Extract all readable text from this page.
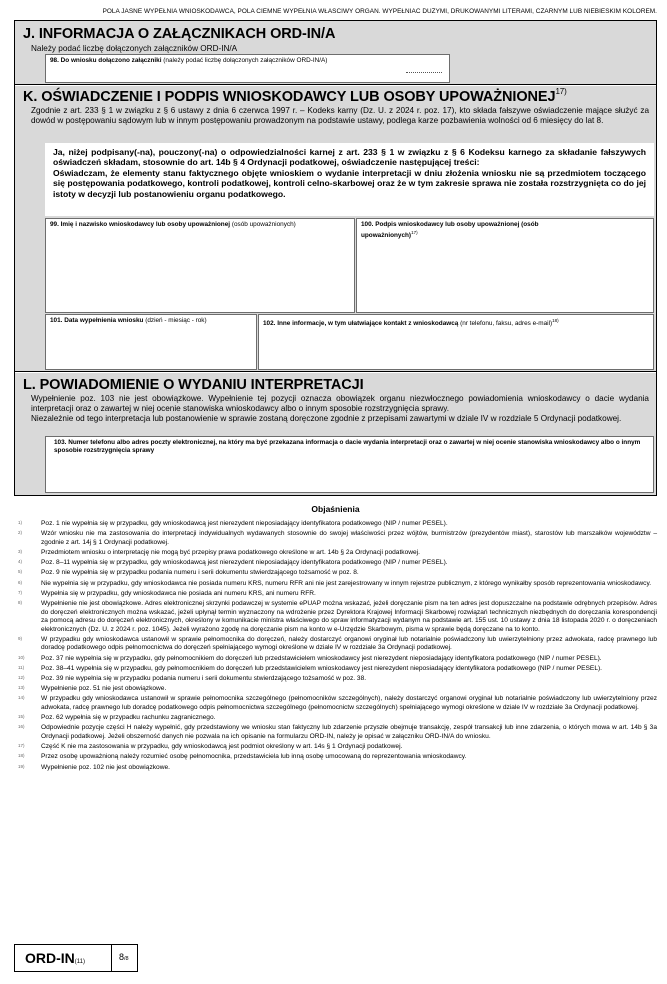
POLA JASNE WYPEŁNIA WNIOSKODAWCA, POLA CIEMNE WYPEŁNIA WŁAŚCIWY ORGAN. WYPEŁNIAĆ DUŻYMI, DRUKOWANYMI LITERAMI, CZARNYM LUB NIEBIESKIM KOLOREM.
J. INFORMACJA O ZAŁĄCZNIKACH ORD-IN/A
Należy podać liczbę dołączonych załączników ORD-IN/A
98. Do wniosku dołączono załączniki (należy podać liczbę dołączonych załączników ORD-IN/A)
K. OŚWIADCZENIE I PODPIS WNIOSKODAWCY LUB OSOBY UPOWAŻNIONEJ$^{17)}$
Zgodnie z art. 233 § 1 w związku z § 6 ustawy z dnia 6 czerwca 1997 r. – Kodeks karny (Dz. U. z 2024 r. poz. 17), kto składa fałszywe oświadczenie mające służyć za dowód w postępowaniu sądowym lub w innym postępowaniu prowadzonym na podstawie ustawy, podlega karze pozbawienia wolności od 6 miesięcy do lat 8.

Ja, niżej podpisany(-na), pouczony(-na) o odpowiedzialności karnej z art. 233 § 1 w związku z § 6 Kodeksu karnego za składanie fałszywych oświadczeń składam, stosownie do art. 14b § 4 Ordynacji podatkowej, oświadczenie następującej treści:

Oświadczam, że elementy stanu faktycznego objęte wnioskiem o wydanie interpretacji w dniu złożenia wniosku nie są przedmiotem toczącego się postępowania podatkowego, kontroli podatkowej, kontroli celno-skarbowej oraz że w tym zakresie sprawa nie została rozstrzygnięta co do jej istoty w decyzji lub postanowieniu organu podatkowego.

99. Imię i nazwisko wnioskodawcy lub osoby upoważnionej (osób upoważnionych)	100. Podpis wnioskodawcy lub osoby upoważnionej (osób upoważnionych)$^{17)}$
101. Data wypełnienia wniosku (dzień - miesiąc - rok)	102. Inne informacje, w tym ułatwiające kontakt z wnioskodawcą (nr telefonu, faksu, adres e-mail)$^{18)}$
L. POWIADOMIENIE O WYDANIU INTERPRETACJI
Wypełnienie poz. 103 nie jest obowiązkowe. Wypełnienie tej pozycji oznacza obowiązek organu niezwłocznego powiadomienia wnioskodawcy o dacie wydania interpretacji oraz o zawartej w niej ocenie stanowiska wnioskodawcy albo o innym sposobie rozstrzygnięcia sprawy.
Niezależnie od tego interpretacja lub postanowienie w sprawie zostaną doręczone zgodnie z przepisami zawartymi w dziale IV w rozdziale 5 Ordynacji podatkowej.
103. Numer telefonu albo adres poczty elektronicznej, na który ma być przekazana informacja o dacie wydania interpretacji oraz o zawartej w niej ocenie stanowiska wnioskodawcy albo o innym sposobie rozstrzygnięcia sprawy
Objaśnienia
1)	Poz. 1 nie wypełnia się w przypadku, gdy wnioskodawcą jest nierezydent nieposiadający identyfikatora podatkowego (NIP / numer PESEL).
2)	Wzór wniosku nie ma zastosowania do interpretacji indywidualnych wydawanych stosownie do swojej właściwości przez wójtów, burmistrzów (prezydentów miast), starostów lub marszałków województw – zgodnie z art. 14j § 1 Ordynacji podatkowej.
3)	Przedmiotem wniosku o interpretację nie mogą być przepisy prawa podatkowego określone w art. 14b § 2a Ordynacji podatkowej.
4)	Poz. 8–11 wypełnia się w przypadku, gdy wnioskodawcą jest nierezydent nieposiadający identyfikatora podatkowego (NIP / numer PESEL).
5)	Poz. 9 nie wypełnia się w przypadku podania numeru i serii dokumentu stwierdzającego tożsamość w poz. 8.
6)	Nie wypełnia się w przypadku, gdy wnioskodawca nie posiada numeru KRS, numeru RFR ani nie jest zarejestrowany w innym rejestrze publicznym, z którego wynikałby sposób reprezentowania wnioskodawcy.
7)	Wypełnia się w przypadku, gdy wnioskodawca nie posiada ani numeru KRS, ani numeru RFR.
8)	Wypełnienie nie jest obowiązkowe. Adres elektronicznej skrzynki podawczej w systemie ePUAP można wskazać, jeżeli doręczanie pism na ten adres jest dopuszczalne na podstawie odrębnych przepisów. Adres do doręczeń elektronicznych można wskazać, jeżeli upłynął termin wyznaczony na wdrożenie przez Dyrektora Krajowej Informacji Skarbowej rozwiązań technicznych niezbędnych do doręczania korespondencji za pomocą adresu do doręczeń elektronicznych, określony w komunikacie ministra właściwego do spraw informatyzacji wydanym na podstawie art. 155 ust. 10 ustawy z dnia 18 listopada 2020 r. o doręczeniach elektronicznych (Dz. U. z 2024 r. poz. 1045). Jeżeli wyrażono zgodę na doręczanie pism na konto w e-Urzędzie Skarbowym, pisma w sprawie będą doręczane na to konto.
9)	W przypadku gdy wnioskodawca ustanowił w sprawie pełnomocnika do doręczeń, należy dostarczyć organowi oryginał lub notarialnie poświadczony lub uwierzytelniony przez adwokata, radcę prawnego lub doradcę podatkowego odpis pełnomocnictwa do doręczeń spełniającego wymogi określone w dziale IV w rozdziale 3a Ordynacji podatkowej.
10) Poz. 37 nie wypełnia się w przypadku, gdy pełnomocnikiem do doręczeń lub przedstawicielem wnioskodawcy jest nierezydent nieposiadający identyfikatora podatkowego (NIP / numer PESEL).
11)	Poz. 38–41 wypełnia się w przypadku, gdy pełnomocnikiem do doręczeń lub przedstawicielem wnioskodawcy jest nierezydent nieposiadający identyfikatora podatkowego (NIP / numer PESEL).
12) Poz. 39 nie wypełnia się w przypadku podania numeru i serii dokumentu stwierdzającego tożsamość w poz. 38.
13) Wypełnienie poz. 51 nie jest obowiązkowe.
14) W przypadku gdy wnioskodawca ustanowił w sprawie pełnomocnika szczególnego (pełnomocników szczególnych), należy dostarczyć organowi oryginał lub notarialnie poświadczony lub uwierzytelniony przez adwokata, radcę prawnego lub doradcę podatkowego odpis pełnomocnictwa szczególnego (pełnomocnictw szczególnych) spełniającego wymogi określone w dziale IV w rozdziale 3a Ordynacji podatkowej.
15) Poz. 62 wypełnia się w przypadku rachunku zagranicznego.
16) Odpowiednie pozycje części H należy wypełnić, gdy przedstawiony we wniosku stan faktyczny lub zdarzenie przyszłe obejmuje transakcję, zespół transakcji lub inne zdarzenia, o których mowa w art. 14b § 3a Ordynacji podatkowej. Jeżeli obszerność danych nie pozwala na ich opisanie na formularzu ORD-IN, należy je opisać w załączniku ORD-IN/A do wniosku.
17) Część K nie ma zastosowania w przypadku, gdy wnioskodawcą jest podmiot określony w art. 14s § 1 Ordynacji podatkowej.
18) Przez osobę upoważnioną należy rozumieć osobę pełnomocnika, przedstawiciela lub inną osobę umocowaną do reprezentowania wnioskodawcy.
19) Wypełnienie poz. 102 nie jest obowiązkowe.
ORD-IN(11)	8/8
